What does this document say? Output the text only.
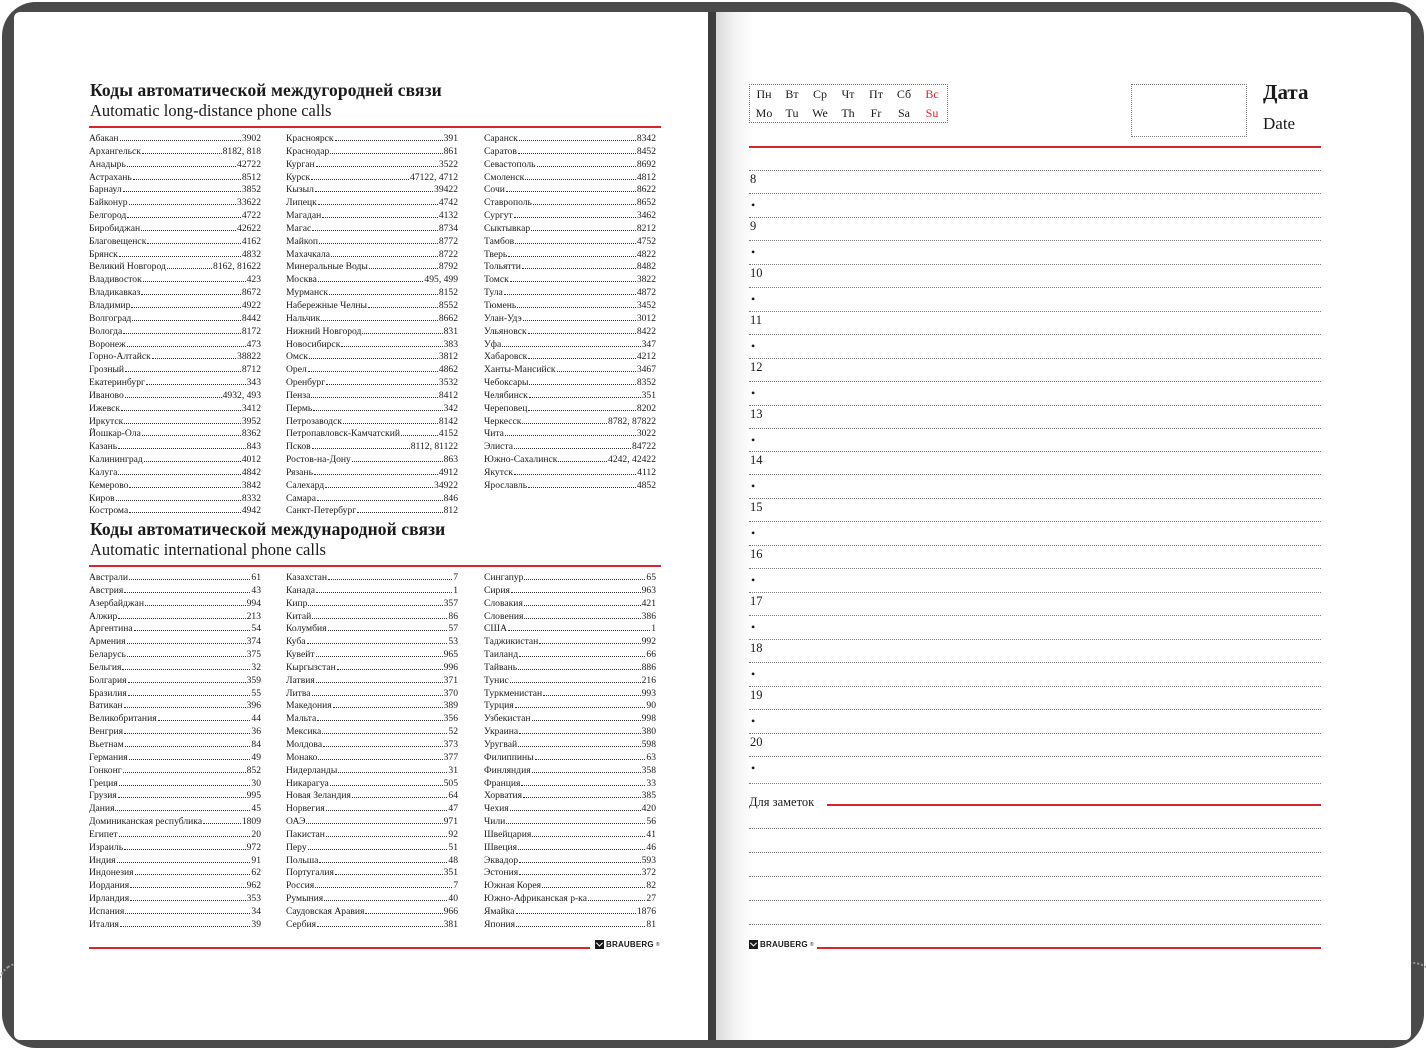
Коды автоматической междугородней связи
Automatic long-distance phone calls
Абакан	3902
Архангельск	8182, 818
Анадырь	42722
Астрахань	8512
Барнаул	3852
Байконур	33622
Белгород	4722
Биробиджан	42622
Благовещенск	4162
Брянск	4832
Великий Новгород	8162, 81622
Владивосток	423
Владикавказ	8672
Владимир	4922
Волгоград	8442
Вологда	8172
Воронеж	473
Горно-Алтайск	38822
Грозный	8712
Екатеринбург	343
Иваново	4932, 493
Ижевск	3412
Иркутск	3952
Йошкар-Ола	8362
Казань	843
Калининград	4012
Калуга	4842
Кемерово	3842
Киров	8332
Кострома	4942
Красноярск	391
Краснодар	861
Курган	3522
Курск	47122, 4712
Кызыл	39422
Липецк	4742
Магадан	4132
Магас	8734
Майкоп	8772
Махачкала	8722
Минеральные Воды	8792
Москва	495, 499
Мурманск	8152
Набережные Челны	8552
Нальчик	8662
Нижний Новгород	831
Новосибирск	383
Омск	3812
Орел	4862
Оренбург	3532
Пенза	8412
Пермь	342
Петрозаводск	8142
Петропавловск-Камчатский	4152
Псков	8112, 81122
Ростов-на-Дону	863
Рязань	4912
Салехард	34922
Самара	846
Санкт-Петербург	812
Саранск	8342
Саратов	8452
Севастополь	8692
Смоленск	4812
Сочи	8622
Ставрополь	8652
Сургут	3462
Сыктывкар	8212
Тамбов	4752
Тверь	4822
Тольятти	8482
Томск	3822
Тула	4872
Тюмень	3452
Улан-Удэ	3012
Ульяновск	8422
Уфа	347
Хабаровск	4212
Ханты-Мансийск	3467
Чебоксары	8352
Челябинск	351
Череповец	8202
Черкесск	8782, 87822
Чита	3022
Элиста	84722
Южно-Сахалинск	4242, 42422
Якутск	4112
Ярославль	4852
Коды автоматической международной связи
Automatic international phone calls
Австрали	61
Австрия	43
Азербайджан	994
Алжир	213
Аргентина	54
Армения	374
Беларусь	375
Бельгия	32
Болгария	359
Бразилия	55
Ватикан	396
Великобритания	44
Венгрия	36
Вьетнам	84
Германия	49
Гонконг	852
Греция	30
Грузия	995
Дания	45
Доминиканская республика	1809
Египет	20
Израиль	972
Индия	91
Индонезия	62
Иордания	962
Ирландия	353
Испания	34
Италия	39
Казахстан	7
Канада	1
Кипр	357
Китай	86
Колумбия	57
Куба	53
Кувейт	965
Кыргызстан	996
Латвия	371
Литва	370
Македония	389
Мальта	356
Мексика	52
Молдова	373
Монако	377
Нидерланды	31
Никарагуа	505
Новая Зеландия	64
Норвегия	47
ОАЭ	971
Пакистан	92
Перу	51
Польша	48
Португалия	351
Россия	7
Румыния	40
Саудовская Аравия	966
Сербия	381
Сингапур	65
Сирия	963
Словакия	421
Словения	386
США	1
Таджикистан	992
Таиланд	66
Тайвань	886
Тунис	216
Туркменистан	993
Турция	90
Узбекистан	998
Украина	380
Уругвай	598
Филиппины	63
Финляндия	358
Франция	33
Хорватия	385
Чехия	420
Чили	56
Швейцария	41
Швеция	46
Эквадор	593
Эстония	372
Южная Корея	82
Южно-Африканская р-ка	27
Ямайка	1876
Япония	81
BRAUBERG ®
Пн	Вт	Ср	Чт	Пт	Сб	Вс
Mo	Tu	We	Th	Fr	Sa	Su
Дата
Date
8
•
9
•
10
•
11
•
12
•
13
•
14
•
15
•
16
•
17
•
18
•
19
•
20
•
Для заметок
BRAUBERG ®
